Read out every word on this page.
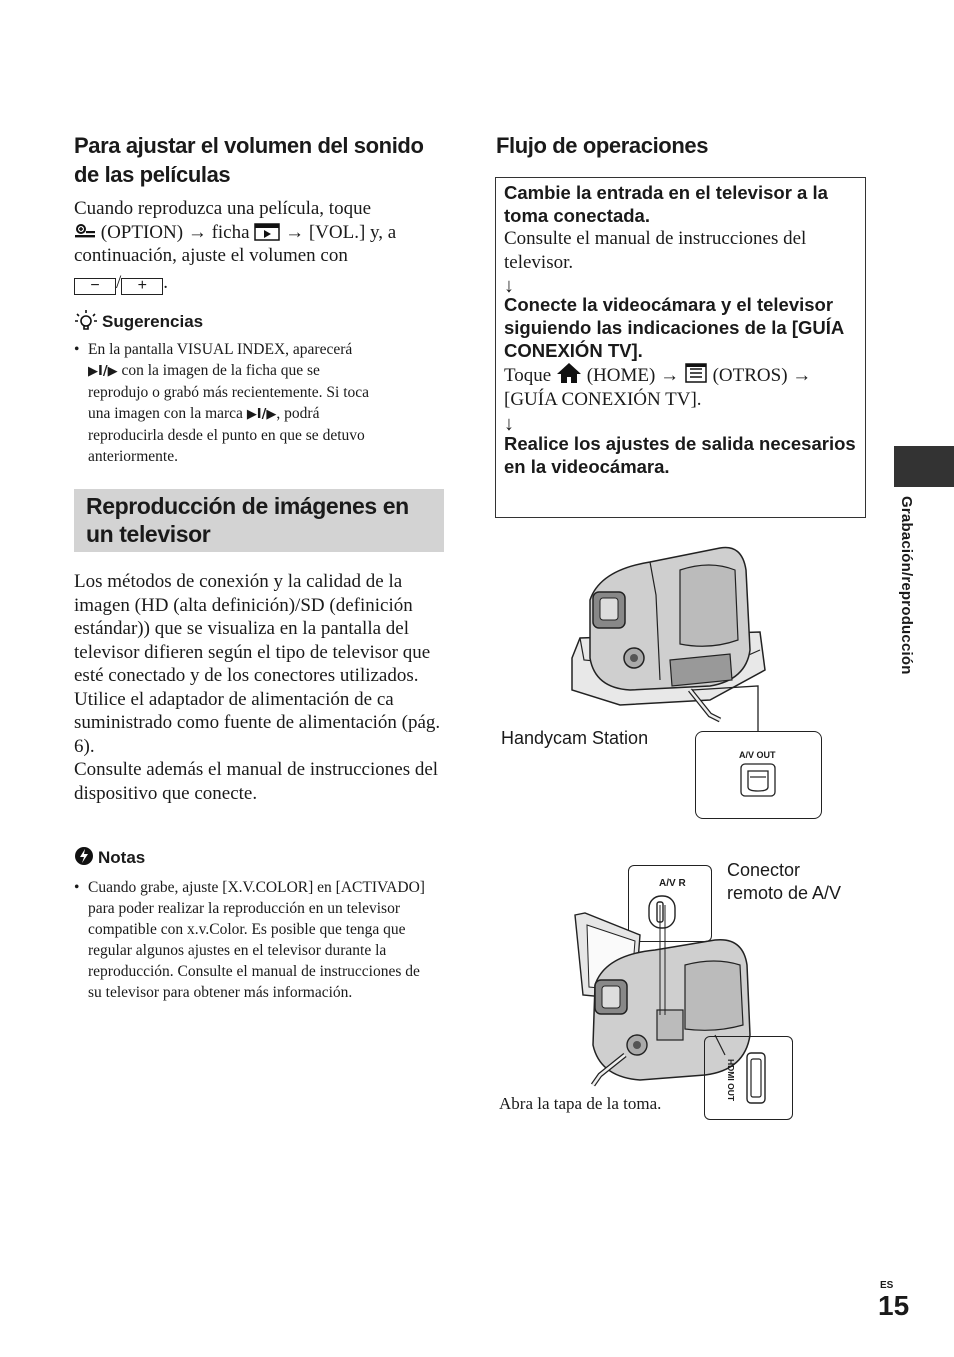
Para ajustar el volumen del sonido de las películas
Cuando reproduzca una película, toque
(OPTION) → ficha → [VOL.] y, a
continuación, ajuste el volumen con
− / + .
Sugerencias
• En la pantalla VISUAL INDEX, aparecerá
▶I/▶ con la imagen de la ficha que se
reprodujo o grabó más recientemente. Si toca
una imagen con la marca ▶I/▶, podrá
reproducirla desde el punto en que se detuvo
anteriormente.
Reproducción de imágenes en un televisor
Los métodos de conexión y la calidad de la imagen (HD (alta definición)/SD (definición estándar)) que se visualiza en la pantalla del televisor difieren según el tipo de televisor que esté conectado y de los conectores utilizados.
Utilice el adaptador de alimentación de ca suministrado como fuente de alimentación (pág. 6).
Consulte además el manual de instrucciones del dispositivo que conecte.
Notas
• Cuando grabe, ajuste [X.V.COLOR] en [ACTIVADO] para poder realizar la reproducción en un televisor compatible con x.v.Color. Es posible que tenga que regular algunos ajustes en el televisor durante la reproducción. Consulte el manual de instrucciones de su televisor para obtener más información.
Flujo de operaciones
Cambie la entrada en el televisor a la toma conectada.
Consulte el manual de instrucciones del televisor.
↓
Conecte la videocámara y el televisor siguiendo las indicaciones de la [GUÍA CONEXIÓN TV].
Toque (HOME) → (OTROS) →
[GUÍA CONEXIÓN TV].
↓
Realice los ajustes de salida necesarios en la videocámara.
Handycam Station
A/V OUT
A/V R
Conector
remoto de A/V
HDMI OUT
Abra la tapa de la toma.
Grabación/reproducción
ES
15
